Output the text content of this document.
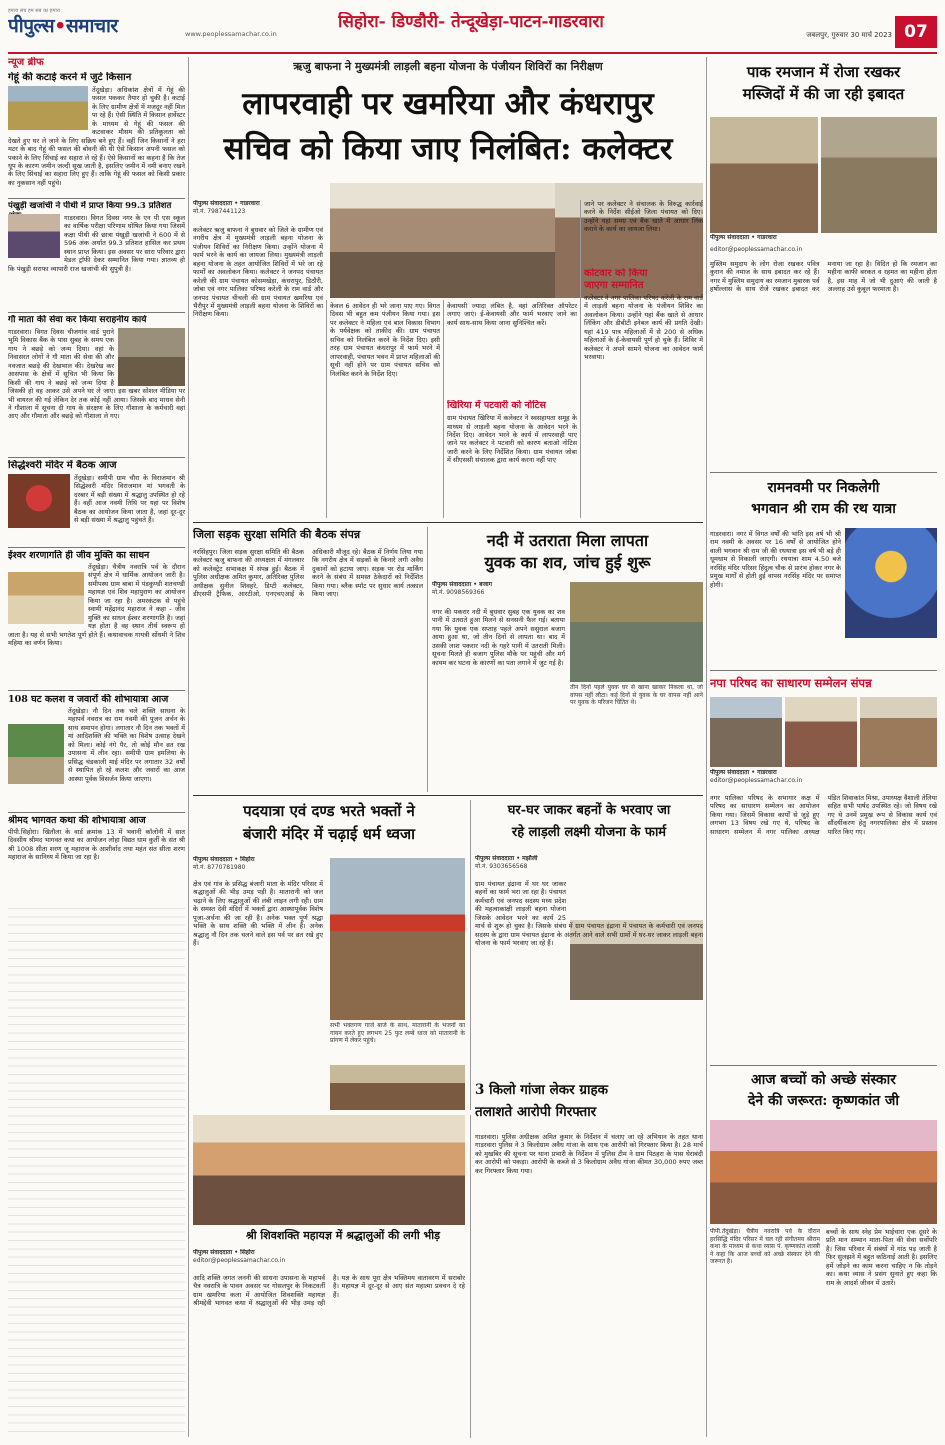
हमारा सच हम सब का हमारा
पीपुल्स•समाचार	www.peoplessamachar.co.in
सिहोरा- डिण्डौरी- तेन्दूखेड़ा-पाटन-गाडरवारा
जबलपुर, गुरुवार 30 मार्च 2023 07
न्यूज ब्रीफ
गेहूं की कटाई करने में जुटे किसान
तेंदूखेड़ा। अधिकांश क्षेत्रों में गेहूं की फसल पककर तैयार हो चुकी है। कटाई के लिए ग्रामीण क्षेत्रों में मजदूर नहीं मिल पा रहे हैं। ऐसी स्थिति में किसान हार्वेस्टर के माध्यम से गेहूं की फसल की कटवाकर मौसम की प्रतिकूलता को देखते हुए घर ले जाने के लिए सक्रिय बने हुए हैं। वहीं जिन किसानों ने हरा मटर के बाद गेहूं की फसल की बोवनी की थी ऐसे किसान अपनी फसल को पकाने के लिए सिंचाई का सहारा ले रहे हैं। ऐसे किसानों का कहना है कि तेज धूप के कारण जमीन जल्दी सूख जाती है, इसलिए जमीन में नमी बनाए रखने के लिए सिंचाई का सहारा लिए हुए हैं। ताकि गेहूं की फसल को किसी प्रकार का नुकसान नहीं पहुंचे।
पंखुड़ी खजांची ने पीथी में प्राप्त किया 99.3 प्रतिशत
गाडरवारा। विगत दिवस नगर के एन पी एस स्कूल का वार्षिक परीक्षा परिणाम घोषित किया गया जिसमें कक्षा पीथी की छात्रा पंखुड़ी खजांची ने 600 में से 596 अंक अर्थात 99.3 प्रतिशत हासिल कर प्रथम स्थान प्राप्त किया। इस अवसर पर सारा परिवार द्वारा मेडल ट्रॉफी देकर सम्मानित किया गया। ज्ञातव्य हो कि पंखुड़ी सराफा व्यापारी राज खजांची की सुपुत्री है।
गौ माता की सेवा कर किया सराहनीय कार्य
गाडरवारा। विगत दिवस चीजगांव वार्ड पुराने भूमि विकास बैंक के पास सुबह के समय एक गाय ने बछड़े को जन्म दिया। वहां के निवासरत लोगों ने गौ माता की सेवा की और नवजात बछड़े की देखभाल की। देखरेख कर आसपास के क्षेत्रों में सूचित भी किया कि किसी की गाय ने बछड़े को जन्म दिया है जिसकी हो वह आकर उसे अपने घर ले जाए। इस खबर सोशल मीडिया पर भी वायरल की गई लेकिन देर तक कोई नहीं आया। जिसके बाद माधव सेनी ने गौशाला में सूचना दी गाय के संरक्षण के लिए गौशाला के कर्मचारी वहां आए और गौमाता और बछड़े को गौशाला ले गए।
सिद्धेश्वरी मंदिर में बैठक आज
तेंदूखेड़ा। समीपी ग्राम चौरा के विराजमान श्री सिद्धेश्वरी मंदिर विराजमान मां भगवती के दरबार में बड़ी संख्या में श्रद्धालु उपस्थित हो रहे हैं। वहीं आज नवमी तिथि पर यहां पर विशेष बैठक का आयोजन किया जाता है, जहां दूर-दूर से बड़ी संख्या में श्रद्धालु पहुंचते हैं।
ईश्वर शरणागति ही जीव मुक्ति का साधन
तेंदूखेड़ा। चैत्रीय नवरात्रि पर्व के दौरान संपूर्ण क्षेत्र में धार्मिक आयोजन जारी है। समीपस्थ ग्राम बाबा में पंडकुण्डी शतचण्डी महायज्ञ एवं शिव महापुराण का आयोजन किया जा रहा है। अमरकंटक से पहुंचे स्वामी महेंद्रानंद महाराज ने कहा - जीव मुक्ति का साधन ईश्वर शरणागति है। जहां यज्ञ होता है वह स्थान तीर्थ स्वरूप हो जाता है। यह से सभी भगतेश पूर्ण होते हैं। कथावाचक गायत्री सोंधमी ने शिव महिमा का वर्णन किया।
108 घट कलश व जवारों की शोभायात्रा आज
तेंदूखेड़ा। नौ दिन तक चले शक्ति साधना के महापर्व नवरात्र का राम नवमी की पूजन अर्चन के साथ समापन होगा। लगातार नौ दिन तक भक्तों में मां आदिशक्ति की भक्ति का विशेष उत्साह देखने को मिला। कोई नंगे पैर, तो कोई मौन व्रत रख उपासना में लीन रहा। समीपी ग्राम इमलिया के प्रसिद्ध चंडकाली माई मंदिर पर लगातार 32 वर्षों से स्थापित हो रहे कलश और जवारों का आज आस्था पूर्वक विसर्जन किया जाएगा।
श्रीमद भागवत कथा की शोभायात्रा आज
पीपी.सिहोरा। खितौला के वार्ड क्रमांक 13 में भवानी कॉलोनी में सात दिवसीय श्रीमद भागवत कथा का आयोजन लोहा विद्यत धाम कुर्ती के संत श्री श्री 1008 सीता शरण जू महाराज के आशीर्वाद तथा महंत संत सीता शरण महाराज के सानिध्य में किया जा रहा है।
ऋजु बाफना ने मुख्यमंत्री लाड़ली बहना योजना के पंजीयन शिविरों का निरीक्षण
लापरवाही पर खमरिया और कंधरापुर
सचिव को किया जाए निलंबित: कलेक्टर
पीपुल्स संवाददाता • गाडरवारा
मो.नं. 7987441123
कलेक्टर ऋजु बाफना ने बुधवार को जिले के ग्रामीण एवं नगरीय क्षेत्र में मुख्यमंत्री लाड़ली बहना योजना के पंजीयन शिविरों का निरीक्षण किया। उन्होंने योजना में फार्म भरने के कार्य का जायजा लिया। मुख्यमंत्री लाड़ली बहना योजना के तहत आयोजित शिविरों में भरे जा रहे फार्मों का अवलोकन किया। कलेक्टर ने जनपद पंचायत करेली की ग्राम पंचायत कोसमखेड़ा, कंधरापुर, डिठौरी, जोबा एवं नगर पालिका परिषद करेली के राम वार्ड और जनपद पंचायत चीचली की ग्राम पंचायत खमरिया एवं भैरौपुर में मुख्यमंत्री लाड़ली बहना योजना के शिविरों का निरीक्षण किया।
केवल 6 आवेदन ही भरे जाना पाए गए। विगत दिवस भी बहुत कम पंजीयन किया गया। इस पर कलेक्टर ने महिला एवं बाल विकास विभाग के पर्यवेक्षक को ताकीद की। ग्राम पंचायत सचिव को निलंबित करने के निर्देश दिए। इसी तरह ग्राम पंचायत कंधरापुर में फार्म भरने में लापरवाही, पंचायत भवन में प्राप्त महिलाओं की सूची नहीं होने पर ग्राम पंचायत सचिव को निलंबित करने के निर्देश दिए।
केवायसी ज्यादा लंबित है, वहां अतिरिक्त ऑपरेटर लगाए जाएं। ई-केवायसी और फार्म भरवाए जाने का कार्य साथ-साथ किया जाना सुनिश्चित करें।
खिरिया में पटवारी को नोटिस
ग्राम पंचायत खिरिया में कलेक्टर ने स्वसहायता समूह के माध्यम से लाड़ली बहना योजना के आवेदन भरने के निर्देश दिए। आवेदन भरने के कार्य में लापरवाही पाए जाने पर कलेक्टर ने पटवारी को कारण बताओ नोटिस जारी करने के लिए निर्देशित किया। ग्राम पंचायत जोबा में सीएससी संचालक द्वारा कार्य करना नहीं पाए
जाने पर कलेक्टर ने संचालक के विरुद्ध कार्रवाई करने के निर्देश सीईओ जिला पंचायत को दिए। उन्होंने यहां समग्र एवं बैंक खाते में आधार लिंक कराने के कार्य का जायजा लिया।
कोटवार को किया
जाएगा सम्मानित
कलेक्टर ने नगर पालिका परिषद करेली के राम वार्ड में लाड़ली बहना योजना के पंजीयन शिविर का अवलोकन किया। उन्होंने यहां बैंक खाते से आधार लिंकिंग और डीबीटी इनेबल कार्य की प्रगति देखी। यहां 419 पात्र महिलाओं में से 200 से अधिक महिलाओं के ई-केवायसी पूर्ण हो चुके हैं। शिविर में कलेक्टर ने अपने सामने योजना का आवेदन फार्म भरवाया।
पाक रमजान में रोजा रखकर
मस्जिदों में की जा रही इबादत
पीपुल्स संवाददाता • गाडरवारा
editor@peoplessamachar.co.in
मुस्लिम समुदाय के लोग रोजा रखकर पवित्र कुरान की नमाज के साथ इबादत कर रहे हैं। नगर में मुस्लिम समुदाय का रमजान मुबारक पर्व हर्षोल्लास के साथ रोजे रखकर इबादत कर मनाया जा रहा है। विदित हो कि रमजान का महीना काफी बरकत व रहमत का महीना होता है, इस माह में जो भी दुआएं की जाती है अल्लाह उसे कुबूल फरमाता है।
रामनवमी पर निकलेगी
भगवान श्री राम की रथ यात्रा
गाडरवारा। नगर में विगत वर्षों की भांति इस वर्ष भी श्री राम नवमी के अवसर पर 16 वर्षों से आयोजित होने वाली भगवान श्री राम जी की रथयात्रा इस वर्ष भी बड़े ही धूमधाम से निकाली जाएगी। रथयात्रा शाम 4.50 बजे नरसिंह मंदिर परिसर हिंदुत्व चौक से प्रारंभ होकर नगर के प्रमुख मार्गों से होती हुई वापस नरसिंह मंदिर पर समाप्त होगी।
नपा परिषद का साधारण सम्मेलन संपन्न
पीपुल्स संवाददाता • गाडरवारा
editor@peoplessamachar.co.in
नगर पालिका परिषद के सभागार कक्ष में परिषद का साधारण सम्मेलन का आयोजन किया गया। जिसमें विकास कार्यों से जुड़े हुए लगभग 13 विषय रखे गए थे, परिषद के साधारण सम्मेलन में नगर पालिका अध्यक्ष पंडित शिवाकांत मिश्रा, उपाध्यक्ष वैशाली तेलिया सहित सभी पार्षद उपस्थित रहे। जो विषय रखे गए थे उनमें प्रमुख रूप से विकास कार्य एवं सौंदर्यीकरण हेतु नगरपालिका क्षेत्र में प्रस्ताव पारित किए गए।
आज बच्चों को अच्छे संस्कार
देने की जरूरत: कृष्णकांत जी
पीपी.तेंदूखेड़ा। चैत्रीय नवरात्रि पर्व के दौरान हरसिद्धि मंदिर परिसर में चल रही संगीतमय श्रीराम कथा के माध्यम से कथा व्यास पं. कृष्णकांत शास्त्री ने कहा कि आज बच्चों को अच्छे संस्कार देने की जरूरत है।
बच्चों के साथ स्नेह प्रेम भाईचारा एक दूसरे के प्रति मान सम्मान माता-पिता की सेवा सर्वोपरि है। जिस परिवार में संबंधों में गांठ पड़ जाती है फिर सुलझने में बहुत कठिनाई आती है। इसलिए हमें जोड़ने का काम करना चाहिए न कि तोड़ने का। कथा व्यास ने प्रसंग सुनाते हुए कहा कि राम के आदर्श जीवन में उतारें।
जिला सड़क सुरक्षा समिति की बैठक संपन्न
नरसिंहपुर। जिला सड़क सुरक्षा समिति की बैठक कलेक्टर ऋजु बाफना की अध्यक्षता में मंगलवार को कलेक्ट्रेट सभाकक्ष में संपन्न हुई। बैठक में पुलिस अधीक्षक अमित कुमार, अतिरिक्त पुलिस अधीक्षक सुनील शिवहरे, डिप्टी कलेक्टर, डीएसपी ट्रैफिक, आरटीओ, एनएचएआई के अधिकारी मौजूद रहे। बैठक में निर्णय लिया गया कि नगरीय क्षेत्र में सड़कों के किनारे लगी अवैध दुकानों को हटाया जाए। सड़क पर रोड मार्किंग करने के संबंध में समस्त ठेकेदारों को निर्देशित किया गया। ब्लैक स्पॉट पर सुधार कार्य तत्काल किया जाए।
नदी में उतराता मिला लापता
युवक का शव, जांच हुई शुरू
पीपुल्स संवाददाता • बजाग
मो.नं. 9098569366
नगर की पकरार नदी में बुधवार सुबह एक युवक का शव पानी में उतराते हुआ मिलने से सनसनी फैल गई। बताया गया कि युवक एक सप्ताह पहले अपने ससुराल बजाग आया हुआ था, जो तीन दिनों से लापता था। बाद में उसकी लाश पकरार नदी के गहरे पानी में उतराती मिली। सूचना मिलते ही बजाग पुलिस मौके पर पहुंची और मर्ग कायम कर घटना के कारणों का पता लगाने में जुट गई है।
तीन दिनों पहले युवक घर से खाना खाकर निकला था, जो वापस नहीं लौटा। कई दिनों से युवक के घर वापस नहीं आने पर युवक के परिजन चिंतित थे।
पदयात्रा एवं दण्ड भरते भक्तों ने
बंजारी मंदिर में चढ़ाई धर्म ध्वजा
पीपुल्स संवाददाता • सिहोरा
मो.नं. 8770781980
क्षेत्र एवं गांव के प्रसिद्ध बंजारी माता के मंदिर परिसर में श्रद्धालुओं की भीड़ उमड़ पड़ी है। मातारानी को जल चढ़ाने के लिए श्रद्धालुओं की लंबी लाइन लगी रही। ग्राम के समस्त देवी मंदिरों में भक्तों द्वारा आस्थापूर्वक विशेष पूजा-अर्चना की जा रही है। अनेक भक्त पूर्ण श्रद्धा भक्ति के साथ शक्ति की भक्ति में लीन हैं। अनेक श्रद्धालु नौ दिन तक चलने वाले इस पर्व पर व्रत रखे हुए हैं।
सभी भक्तगण गाजे बाजे के साथ, मातारानी के भजनों का गायन करते हुए लगभग 25 फुट लम्बे ध्वज को मातारानी के प्रांगण में लेकर पहुंचे।
घर-घर जाकर बहनों के भरवाए जा
रहे लाड़ली लक्ष्मी योजना के फार्म
पीपुल्स संवाददाता • मझौली
मो.नं. 9303656568
ग्राम पंचायत इंद्राना में घर घर जाकर बहनों का फार्म भरा जा रहा है। पंचायत कर्मचारी एवं जनपद सदस्य मध्य प्रदेश की महत्वाकांक्षी लाड़ली बहना योजना जिसके आवेदन भरने का कार्य 25 मार्च से शुरू हो चुका है। जिसके संबंध में ग्राम पंचायत इंद्राना में पंचायत के कर्मचारी एवं जनपद सदस्य के द्वारा ग्राम पंचायत इंद्राना के अंतर्गत आने वाले सभी ग्रामों में घर-घर जाकर लाड़ली बहना योजना के फार्म भरवाए जा रहे हैं।
3 किलो गांजा लेकर ग्राहक
तलाशते आरोपी गिरफ्तार
गाडरवारा। पुलिस अधीक्षक अमित कुमार के निर्देशन में चलाए जा रहे अभियान के तहत थाना गाडरवारा पुलिस ने 3 किलोग्राम अवैध गांजा के साथ एक आरोपी को गिरफ्तार किया है। 28 मार्च को मुखबिर की सूचना पर थाना प्रभारी के निर्देशन में पुलिस टीम ने ग्राम पिठहरा के पास घेराबंदी कर आरोपी को पकड़ा। आरोपी के कब्जे से 3 किलोग्राम अवैध गांजा कीमत 30,000 रुपए जब्त कर गिरफ्तार किया गया।
श्री शिवशक्ति महायज्ञ में श्रद्धालुओं की लगी भीड़
पीपुल्स संवाददाता • सिहोरा
editor@peoplessamachar.co.in
आदि शक्ति जगत जननी की साधना उपासना के महापर्व चैत्र नवरात्रि के पावन अवसर पर गोसलपुर के निकटवर्ती ग्राम खमरिया कला में आयोजित शिवशक्ति महायज्ञ श्रीमद्देवी भागवत कथा में श्रद्धालुओं की भीड़ उमड़ रही है। यज्ञ के साथ पूरा क्षेत्र भक्तिमय वातावरण में सराबोर है। महायज्ञ में दूर-दूर से आए संत महात्मा प्रवचन दे रहे हैं।
